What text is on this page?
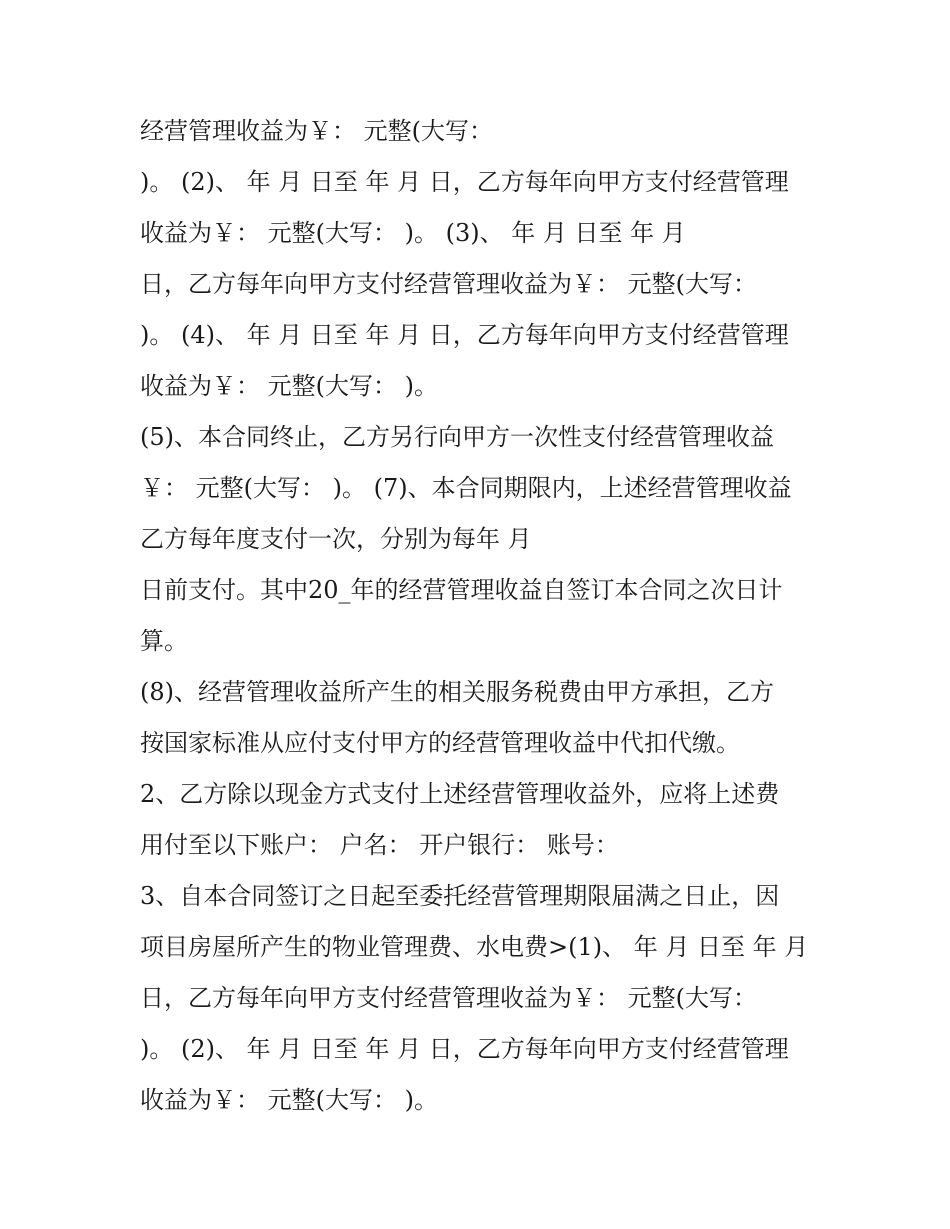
经营管理收益为￥： 元整(大写：
)。 (2)、 年 月 日至 年 月 日，乙方每年向甲方支付经营管理
收益为￥： 元整(大写： )。 (3)、 年 月 日至 年 月
日，乙方每年向甲方支付经营管理收益为￥： 元整(大写：
)。 (4)、 年 月 日至 年 月 日，乙方每年向甲方支付经营管理
收益为￥： 元整(大写： )。
(5)、本合同终止，乙方另行向甲方一次性支付经营管理收益
￥： 元整(大写： )。 (7)、本合同期限内，上述经营管理收益
乙方每年度支付一次，分别为每年 月
日前支付。其中20_年的经营管理收益自签订本合同之次日计
算。
(8)、经营管理收益所产生的相关服务税费由甲方承担，乙方
按国家标准从应付支付甲方的经营管理收益中代扣代缴。
2、乙方除以现金方式支付上述经营管理收益外，应将上述费
用付至以下账户： 户名： 开户银行： 账号：
3、自本合同签订之日起至委托经营管理期限届满之日止，因
项目房屋所产生的物业管理费、水电费>(1)、 年 月 日至 年 月
日，乙方每年向甲方支付经营管理收益为￥： 元整(大写：
)。 (2)、 年 月 日至 年 月 日，乙方每年向甲方支付经营管理
收益为￥： 元整(大写： )。
